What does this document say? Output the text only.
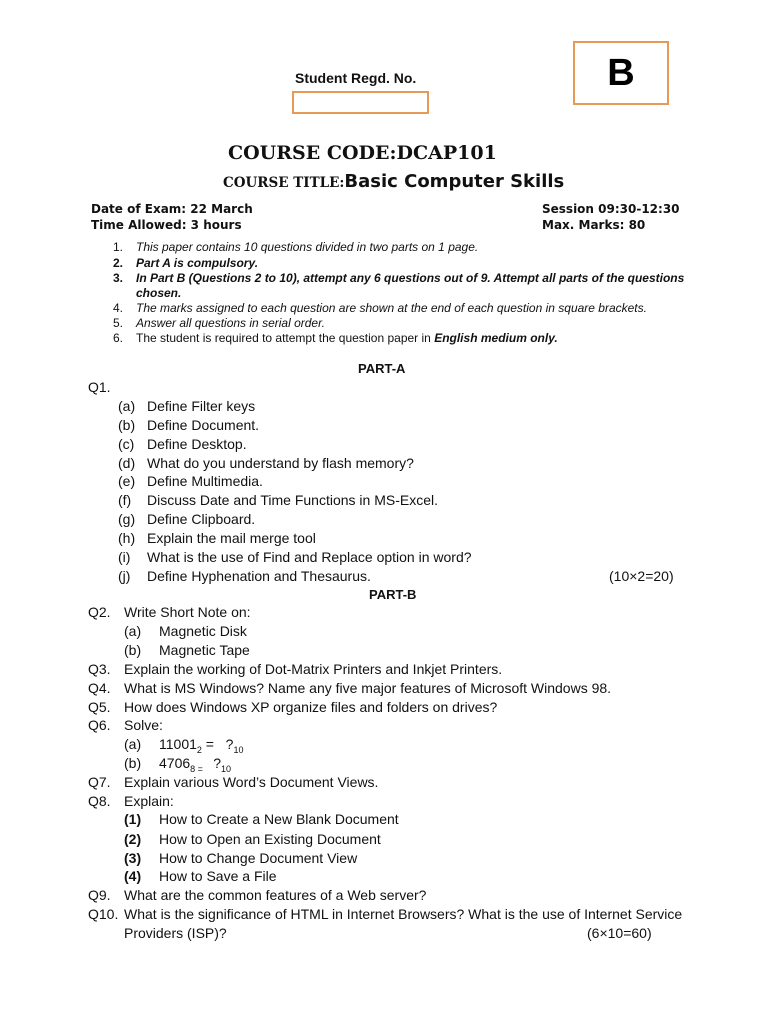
Student Regd. No.	B
COURSE CODE:DCAP101
COURSE TITLE:Basic Computer Skills
Date of Exam: 22 March	Session 09:30-12:30
Time Allowed: 3 hours	Max. Marks: 80
1. This paper contains 10 questions divided in two parts on 1 page.
2. Part A is compulsory.
3. In Part B (Questions 2 to 10), attempt any 6 questions out of 9. Attempt all parts of the questions chosen.
4. The marks assigned to each question are shown at the end of each question in square brackets.
5. Answer all questions in serial order.
6. The student is required to attempt the question paper in English medium only.
PART-A
Q1.
(a) Define Filter keys
(b) Define Document.
(c) Define Desktop.
(d) What do you understand by flash memory?
(e) Define Multimedia.
(f) Discuss Date and Time Functions in MS-Excel.
(g) Define Clipboard.
(h) Explain the mail merge tool
(i) What is the use of Find and Replace option in word?
(j) Define Hyphenation and Thesaurus.	(10×2=20)
PART-B
Q2. Write Short Note on:
(a) Magnetic Disk
(b) Magnetic Tape
Q3. Explain the working of Dot-Matrix Printers and Inkjet Printers.
Q4. What is MS Windows? Name any five major features of Microsoft Windows 98.
Q5. How does Windows XP organize files and folders on drives?
Q6. Solve:
(a) $11001_2$ =   $?_{10}$
(b) $4706_8$ $_=$   $?_{10}$
Q7. Explain various Word’s Document Views.
Q8. Explain:
(1) How to Create a New Blank Document
(2) How to Open an Existing Document
(3) How to Change Document View
(4) How to Save a File
Q9. What are the common features of a Web server?
Q10. What is the significance of HTML in Internet Browsers? What is the use of Internet Service
Providers (ISP)?	(6×10=60)
